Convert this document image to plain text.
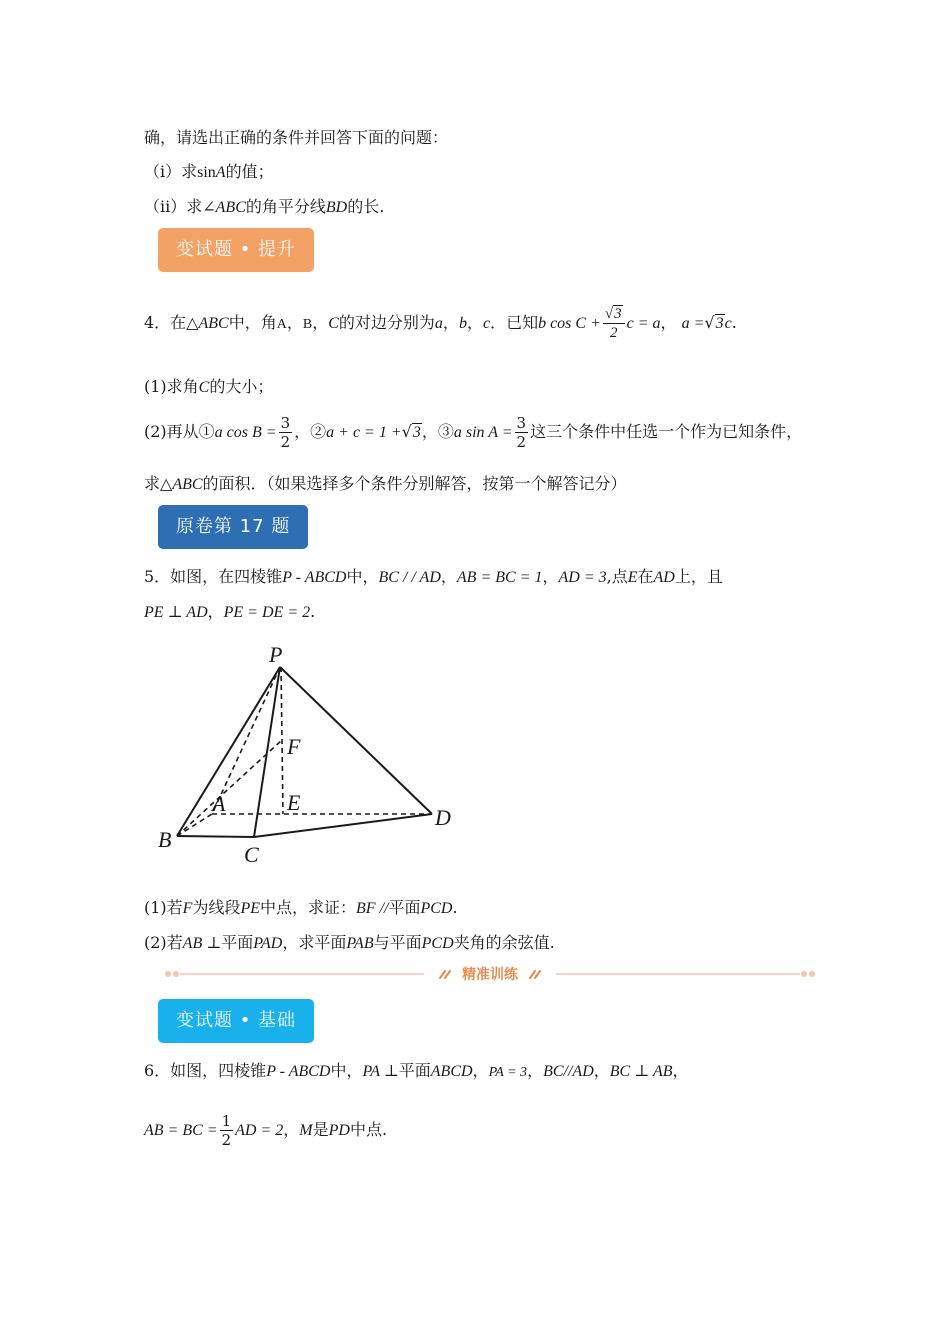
确，请选出正确的条件并回答下面的问题：
（i）求sinA的值；
（ii）求∠ABC的角平分线BD的长.
变试题 • 提升
4．在△ABC中，角A，B，C的对边分别为a，b，c．已知b $\cos C + \frac{√3}{2}$ c = a， a =√3c.
(1)求角C的大小；
(2)再从①a $\cos B = \frac{3}{2}$ ，②a + c = 1 +√3，③a $\sin A = \frac{3}{2}$ 这三个条件中任选一个作为已知条件，
求△ABC的面积．（如果选择多个条件分别解答，按第一个解答记分）
原卷第 17 题
5．如图，在四棱锥P - ABCD中，BC / / AD，AB = BC = 1，AD = 3,点E在AD上，且
PE ⊥ AD，PE = DE = 2.
P
A
B
C
D
E
F
(1)若F为线段PE中点，求证：BF //平面PCD.
(2)若AB ⊥平面PAD，求平面PAB与平面PCD夹角的余弦值.
精准训练
变试题 • 基础
6．如图，四棱锥P - ABCD中，PA ⊥平面ABCD，PA = 3，BC//AD，BC ⊥ AB，
AB = BC = $\frac{1}{2}$ AD = 2，M是PD中点.
